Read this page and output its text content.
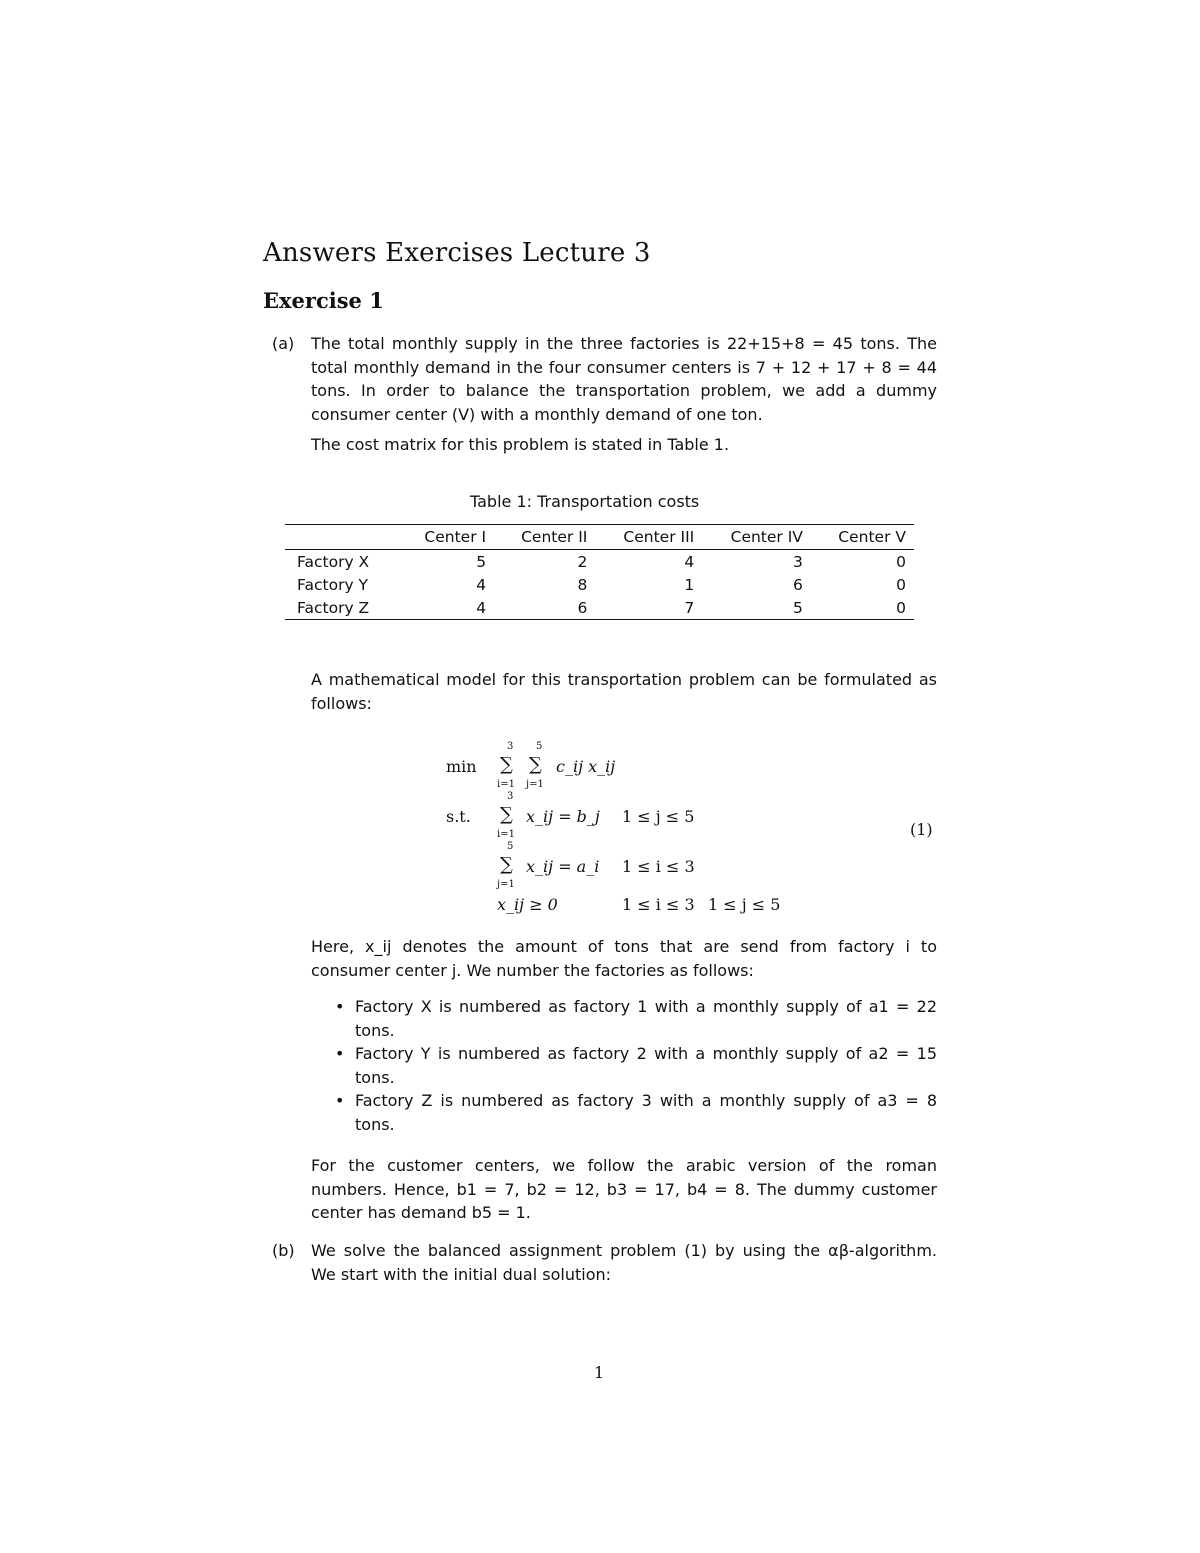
Answers Exercises Lecture 3
Exercise 1
(a)	The total monthly supply in the three factories is 22+15+8 = 45 tons. The total monthly demand in the four consumer centers is 7 + 12 + 17 + 8 = 44 tons. In order to balance the transportation problem, we add a dummy consumer center (V) with a monthly demand of one ton.
The cost matrix for this problem is stated in Table 1.
Table 1: Transportation costs
	Center I	Center II	Center III	Center IV	Center V
Factory X	5	2	4	3	0
Factory Y	4	8	1	6	0
Factory Z	4	6	7	5	0
A mathematical model for this transportation problem can be formulated as follows:
min
3
∑
i=1
5
∑
j=1
c_ij x_ij
s.t.
3
∑
i=1
x_ij = b_j 1 ≤ j ≤ 5
(1)
5
∑
j=1
x_ij = a_i 1 ≤ i ≤ 3
x_ij ≥ 0	1 ≤ i ≤ 3 1 ≤ j ≤ 5
Here, x_ij denotes the amount of tons that are send from factory i to consumer center j. We number the factories as follows:
• Factory X is numbered as factory 1 with a monthly supply of a1 = 22 tons.
• Factory Y is numbered as factory 2 with a monthly supply of a2 = 15 tons.
• Factory Z is numbered as factory 3 with a monthly supply of a3 = 8 tons.
For the customer centers, we follow the arabic version of the roman numbers. Hence, b1 = 7, b2 = 12, b3 = 17, b4 = 8. The dummy customer center has demand b5 = 1.
(b)	We solve the balanced assignment problem (1) by using the αβ-algorithm. We start with the initial dual solution:
1
